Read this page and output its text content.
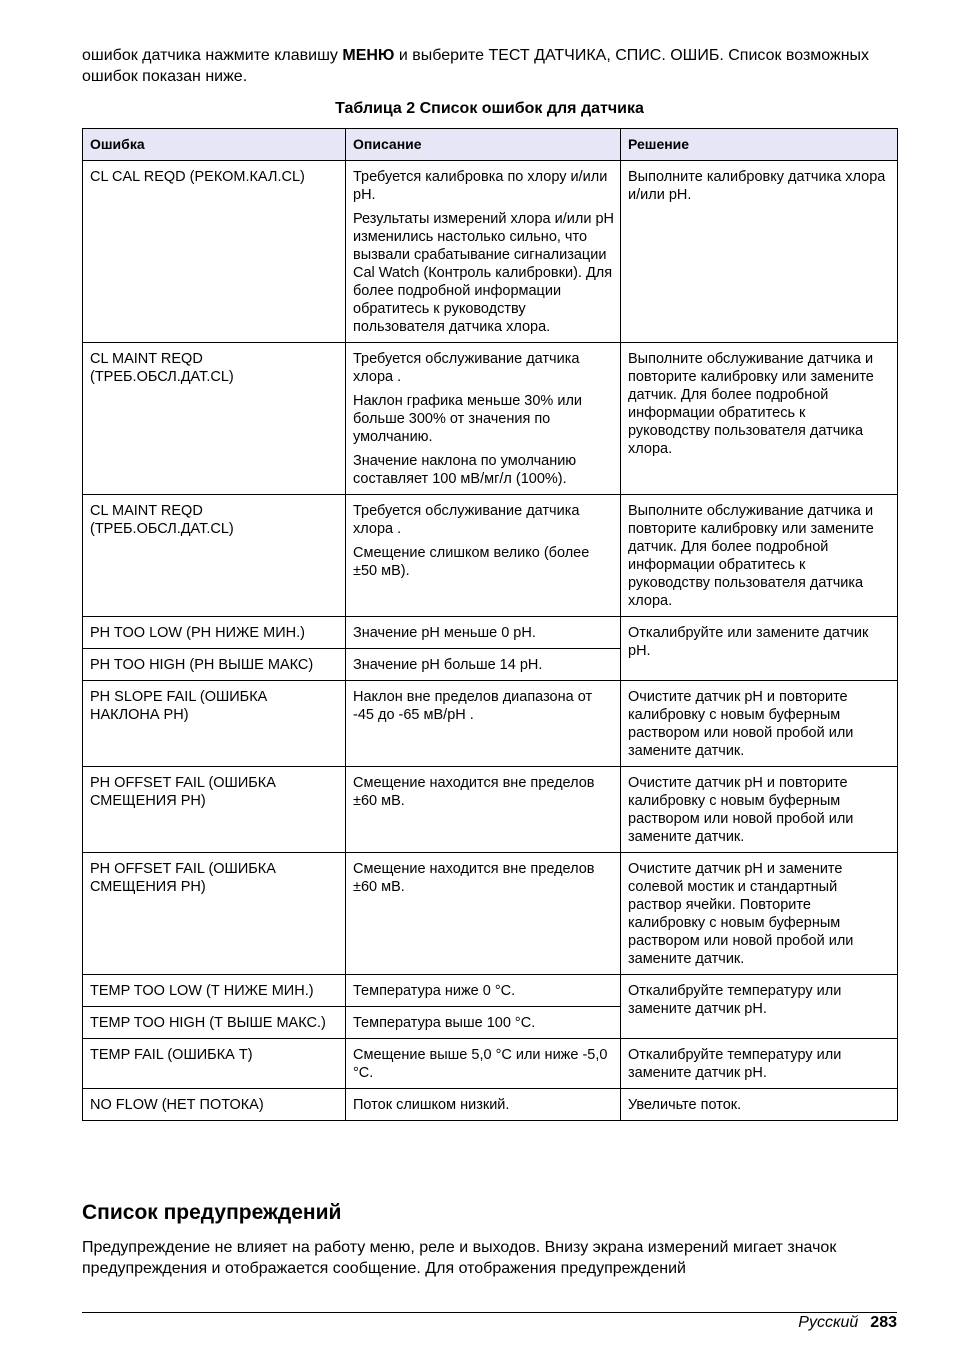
ошибок датчика нажмите клавишу МЕНЮ и выберите ТЕСТ ДАТЧИКА, СПИС. ОШИБ. Список возможных ошибок показан ниже.
Таблица 2 Список ошибок для датчика
Ошибка	Описание	Решение
CL CAL REQD (РЕКОМ.КАЛ.CL)	Требуется калибровка по хлору и/или pH.

Результаты измерений хлора и/или pH изменились настолько сильно, что вызвали срабатывание сигнализации Cal Watch (Контроль калибровки). Для более подробной информации обратитесь к руководству пользователя датчика хлора.	Выполните калибровку датчика хлора и/или pH.
CL MAINT REQD (ТРЕБ.ОБСЛ.ДАТ.CL)	Требуется обслуживание датчика хлора .

Наклон графика меньше 30% или больше 300% от значения по умолчанию.

Значение наклона по умолчанию составляет 100 мВ/мг/л (100%).	Выполните обслуживание датчика и повторите калибровку или замените датчик. Для более подробной информации обратитесь к руководству пользователя датчика хлора.
CL MAINT REQD (ТРЕБ.ОБСЛ.ДАТ.CL)	Требуется обслуживание датчика хлора .

Смещение слишком велико (более ±50 мВ).	Выполните обслуживание датчика и повторите калибровку или замените датчик. Для более подробной информации обратитесь к руководству пользователя датчика хлора.
PH TOO LOW (PH НИЖЕ МИН.)	Значение pH меньше 0 pH.	Откалибруйте или замените датчик pH.
PH TOO HIGH (PH ВЫШЕ МАКС)	Значение pH больше 14 pH.	

PH SLOPE FAIL (ОШИБКА НАКЛОНА PH)	Наклон вне пределов диапазона от -45 до -65 мВ/pH .	Очистите датчик pH и повторите калибровку с новым буферным раствором или новой пробой или замените датчик.
PH OFFSET FAIL (ОШИБКА СМЕЩЕНИЯ PH)	Смещение находится вне пределов ±60 мВ.	Очистите датчик pH и повторите калибровку с новым буферным раствором или новой пробой или замените датчик.
PH OFFSET FAIL (ОШИБКА СМЕЩЕНИЯ PH)	Смещение находится вне пределов ±60 мВ.	Очистите датчик pH и замените солевой мостик и стандартный раствор ячейки. Повторите калибровку с новым буферным раствором или новой пробой или замените датчик.
TEMP TOO LOW (Т НИЖЕ МИН.)	Температура ниже 0 °C.	Откалибруйте температуру или замените датчик pH.
TEMP TOO HIGH (Т ВЫШЕ МАКС.)	Температура выше 100 °C.	

TEMP FAIL (ОШИБКА Т)	Смещение выше 5,0 °C или ниже -5,0 °C.	Откалибруйте температуру или замените датчик pH.
NO FLOW (НЕТ ПОТОКА)	Поток слишком низкий.	Увеличьте поток.
Список предупреждений
Предупреждение не влияет на работу меню, реле и выходов. Внизу экрана измерений мигает значок предупреждения и отображается сообщение. Для отображения предупреждений
Русский 283
